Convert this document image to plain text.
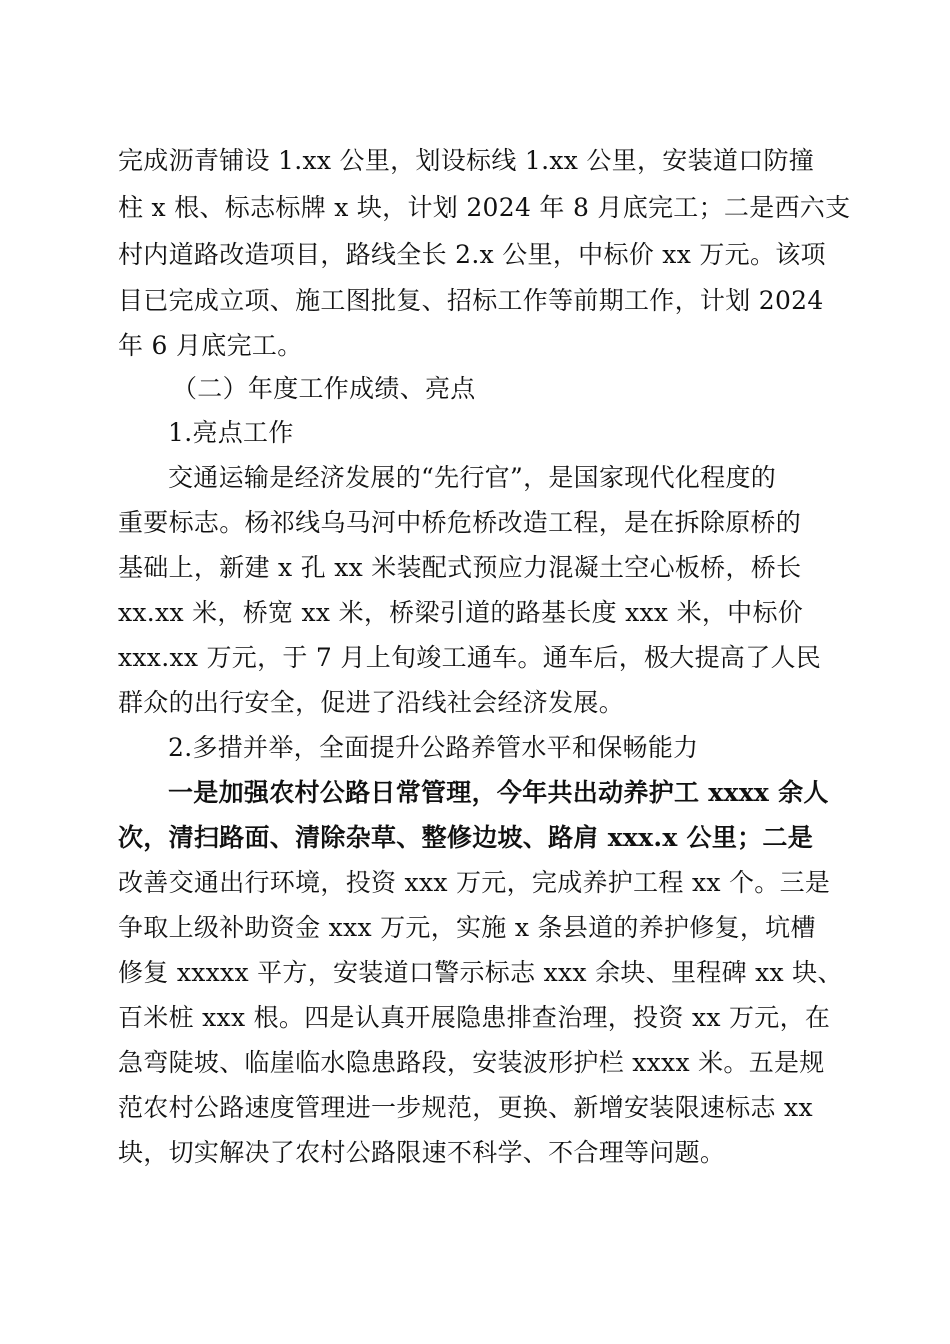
完成沥青铺设 1.xx 公里，划设标线 1.xx 公里，安装道口防撞
柱 x 根、标志标牌 x 块，计划 2024 年 8 月底完工；二是西六支
村内道路改造项目，路线全长 2.x 公里，中标价 xx 万元。该项
目已完成立项、施工图批复、招标工作等前期工作，计划 2024
年 6 月底完工。
（二）年度工作成绩、亮点
1.亮点工作
交通运输是经济发展的“先行官”，是国家现代化程度的
重要标志。杨祁线乌马河中桥危桥改造工程，是在拆除原桥的
基础上，新建 x 孔 xx 米装配式预应力混凝土空心板桥，桥长
xx.xx 米，桥宽 xx 米，桥梁引道的路基长度 xxx 米，中标价
xxx.xx 万元，于 7 月上旬竣工通车。通车后，极大提高了人民
群众的出行安全，促进了沿线社会经济发展。
2.多措并举，全面提升公路养管水平和保畅能力
一是加强农村公路日常管理，今年共出动养护工 xxxx 余人
次，清扫路面、清除杂草、整修边坡、路肩 xxx.x 公里；二是
改善交通出行环境，投资 xxx 万元，完成养护工程 xx 个。三是
争取上级补助资金 xxx 万元，实施 x 条县道的养护修复，坑槽
修复 xxxxx 平方，安装道口警示标志 xxx 余块、里程碑 xx 块、
百米桩 xxx 根。四是认真开展隐患排查治理，投资 xx 万元，在
急弯陡坡、临崖临水隐患路段，安装波形护栏 xxxx 米。五是规
范农村公路速度管理进一步规范，更换、新增安装限速标志 xx
块，切实解决了农村公路限速不科学、不合理等问题。
